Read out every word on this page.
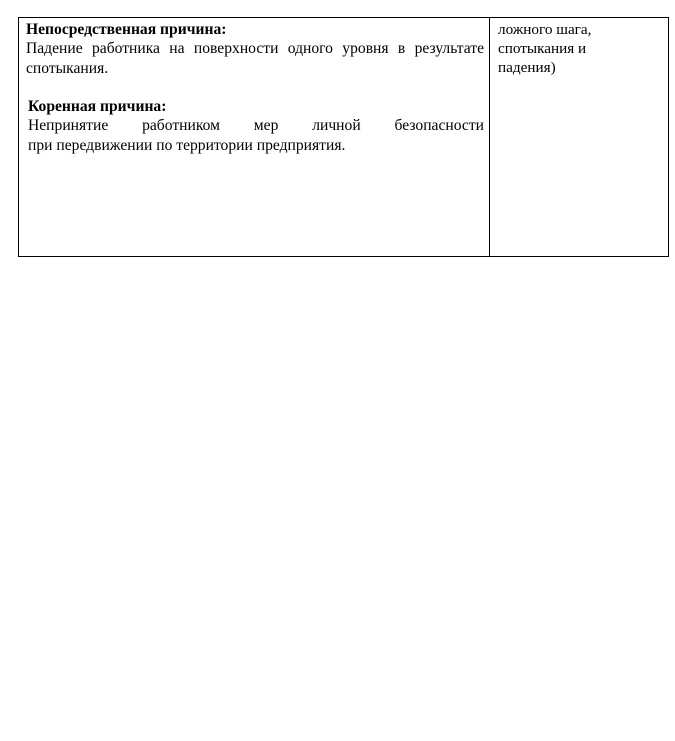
Непосредственная причина:

Падение работника на поверхности одного уровня в результате спотыкания.

Коренная причина:

Непринятие работником мер личной безопасности
при передвижении по территории предприятия.

ложного шага,
спотыкания и
падения)
